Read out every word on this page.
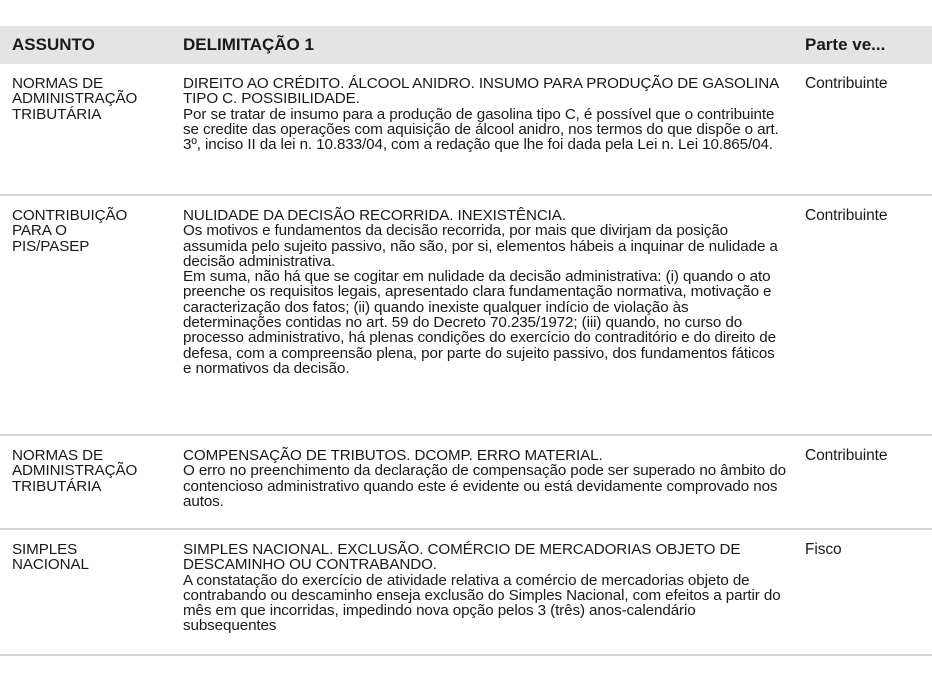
ASSUNTO	DELIMITAÇÃO 1	Parte ve...
NORMAS DE
ADMINISTRAÇÃO
TRIBUTÁRIA
DIREITO AO CRÉDITO. ÁLCOOL ANIDRO. INSUMO PARA PRODUÇÃO DE GASOLINA TIPO C. POSSIBILIDADE.
Por se tratar de insumo para a produção de gasolina tipo C, é possível que o contribuinte se credite das operações com aquisição de álcool anidro, nos termos do que dispõe o art. 3º, inciso II da lei n. 10.833/04, com a redação que lhe foi dada pela Lei n. Lei 10.865/04.
Contribuinte
CONTRIBUIÇÃO
PARA O
PIS/PASEP
NULIDADE DA DECISÃO RECORRIDA. INEXISTÊNCIA.
Os motivos e fundamentos da decisão recorrida, por mais que divirjam da posição assumida pelo sujeito passivo, não são, por si, elementos hábeis a inquinar de nulidade a decisão administrativa.
Em suma, não há que se cogitar em nulidade da decisão administrativa: (i) quando o ato preenche os requisitos legais, apresentado clara fundamentação normativa, motivação e caracterização dos fatos; (ii) quando inexiste qualquer indício de violação às determinações contidas no art. 59 do Decreto 70.235/1972; (iii) quando, no curso do processo administrativo, há plenas condições do exercício do contraditório e do direito de defesa, com a compreensão plena, por parte do sujeito passivo, dos fundamentos fáticos e normativos da decisão.
Contribuinte
NORMAS DE
ADMINISTRAÇÃO
TRIBUTÁRIA
COMPENSAÇÃO DE TRIBUTOS. DCOMP. ERRO MATERIAL.
O erro no preenchimento da declaração de compensação pode ser superado no âmbito do contencioso administrativo quando este é evidente ou está devidamente comprovado nos autos.
Contribuinte
SIMPLES
NACIONAL
SIMPLES NACIONAL. EXCLUSÃO. COMÉRCIO DE MERCADORIAS OBJETO DE DESCAMINHO OU CONTRABANDO.
A constatação do exercício de atividade relativa a comércio de mercadorias objeto de contrabando ou descaminho enseja exclusão do Simples Nacional, com efeitos a partir do mês em que incorridas, impedindo nova opção pelos 3 (três) anos-calendário subsequentes
Fisco
